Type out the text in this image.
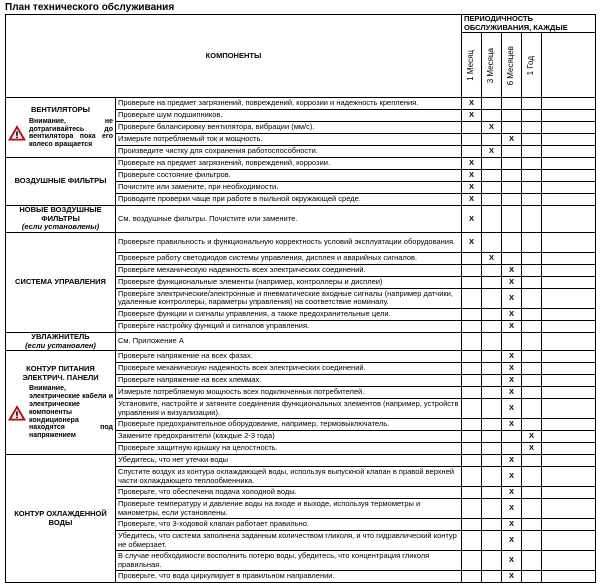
План технического обслуживания
КОМПОНЕНТЫ		ПЕРИОДИЧНОСТЬ ОБСЛУЖИВАНИЯ, КАЖДЫЕ				
		1 Месяц	3 Месяца	6 Месяцев	1 Год	

ВЕНТИЛЯТОРЫ
Внимание, не дотрагивайтесь до вентилятора пока его колесо вращается	Проверьте на предмет загрязнений, повреждений, коррозии и надежность крепления.	X				
	Проверьте шум подшипников.	X				
	Проверьте балансировку вентилятора, вибрации (мм/с).		X			
	Измерьте потребляемый ток и мощность.			X		
	Произведите чистку для сохранения работоспособности.		X			

ВОЗДУШНЫЕ ФИЛЬТРЫ	Проверьте на предмет загрязнений, повреждений, коррозии.	X				
	Проверьте состояние фильтров.	X				
	Почистите или замените, при необходимости.	X				
	Проводите проверки чаще при работе в пыльной окружающей среде.	X				

НОВЫЕ ВОЗДУШНЫЕ ФИЛЬТРЫ
(если установлены)	См. воздушные фильтры. Почистите или замените.	X				

СИСТЕМА УПРАВЛЕНИЯ	Проверьте правильность и функциональную корректность условий эксплуатации оборудования.	X				
	Проверьте работу светодиодов системы управления, дисплея и аварийных сигналов.		X			
	Проверьте механическую надежность всех электрических соединений.			X		
	Проверьте функциональные элементы (например, контроллеры и дисплеи)			X		
	Проверьте электрические/электронные и пневматические входные сигналы (например датчики, удаленные контроллеры, параметры управления) на соответствие номиналу.			X		
	Проверьте функции и сигналы управления, а также предохранительные цели.			X		
	Проверьте настройку функций и сигналов управления.			X		

УВЛАЖНИТЕЛЬ
(если установлен)	См. Приложение А					

КОНТУР ПИТАНИЯ ЭЛЕКТРИЧ. ПАНЕЛИ
Внимание, электрические кабели и электрические компоненты кондиционера находятся под напряжением	Проверьте напряжение на всех фазах.			X		
	Проверьте механическую надежность всех электрических соединений.			X		
	Проверьте напряжение на всех клеммах.			X		
	Измерьте потребляемую мощность всех подключенных потребителей.			X		
	Установите, настройте и затяните соединения функциональных элементов (например, устройств управления и визуализации).			X		
	Проверьте предохранительное оборудование, например, термовыключатель.			X		
	Замените предохранители (каждые 2-3 года)				X	
	Проверьте защитную крышку на целостность.				X	

КОНТУР ОХЛАЖДЕННОЙ ВОДЫ	Убедитесь, что нет утечки воды			X		
	Спустите воздух из контура охлаждающей воды, используя выпускной клапан в правой верхней части охлаждающего теплообменника.			X		
	Проверьте, что обеспечена подача холодной воды.			X		
	Проверьте температуру и давление воды на входе и выходе, используя термометры и манометры, если установлены.			X		
	Проверьте, что 3-ходовой клапан работает правильно.			X		
	Убедитесь, что система заполнена заданным количеством гликоля, и что гидравлический контур не обмерзает.			X		
	В случае необходимости восполнить потерю воды, убедитесь, что концентрация гликоля правильная.			X		
	Проверьте, что вода циркулирует в правильном направлении.			X		
